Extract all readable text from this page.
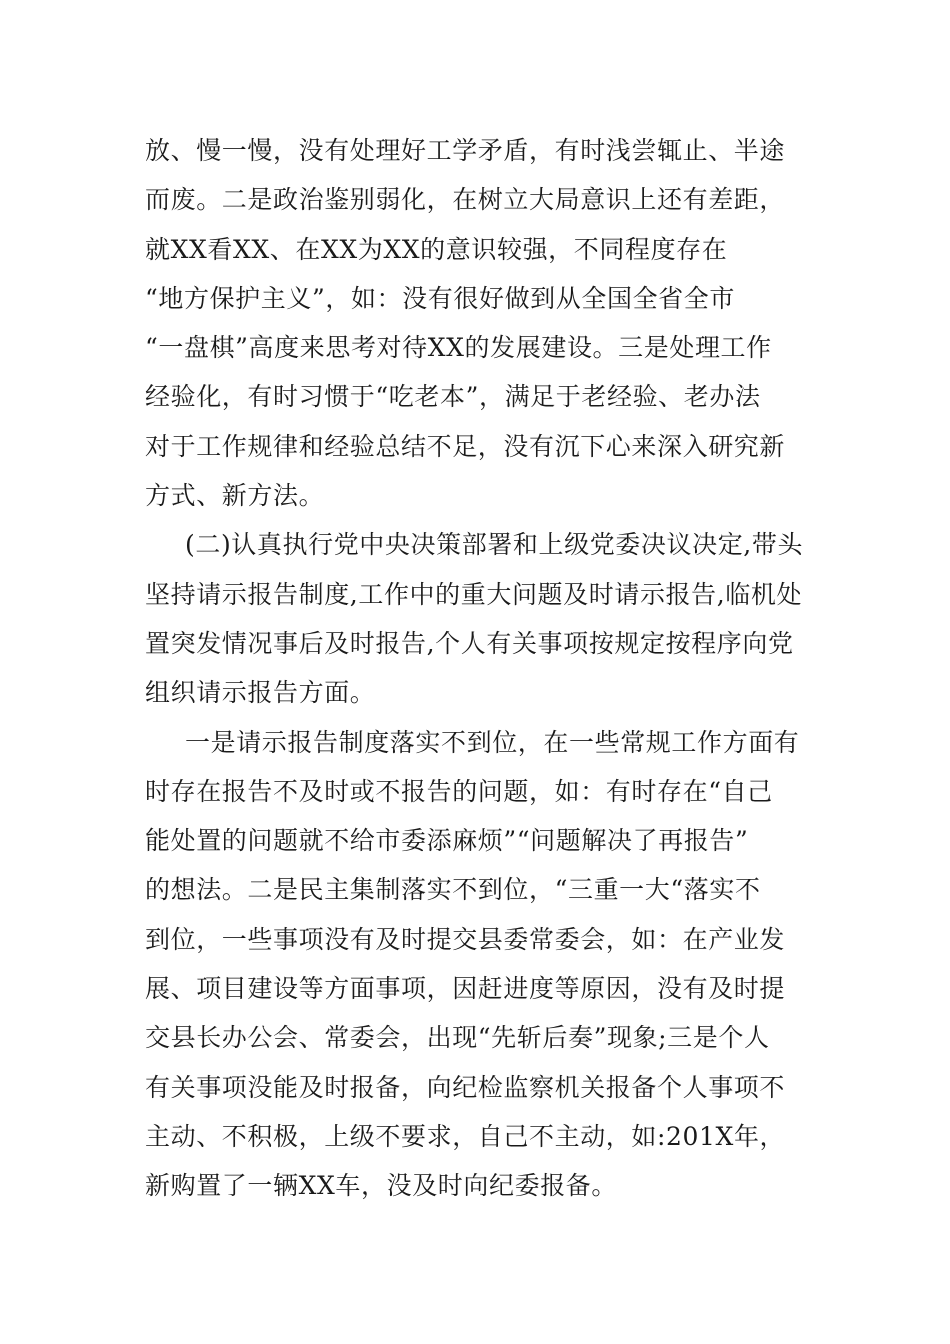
放、慢一慢，没有处理好工学矛盾，有时浅尝辄止、半途
而废。二是政治鉴别弱化，在树立大局意识上还有差距，
就XX看XX、在XX为XX的意识较强，不同程度存在
“地方保护主义”，如：没有很好做到从全国全省全市
“一盘棋”高度来思考对待XX的发展建设。三是处理工作
经验化，有时习惯于“吃老本”，满足于老经验、老办法
对于工作规律和经验总结不足，没有沉下心来深入研究新
方式、新方法。
(二)认真执行党中央决策部署和上级党委决议决定,带头
坚持请示报告制度,工作中的重大问题及时请示报告,临机处
置突发情况事后及时报告,个人有关事项按规定按程序向党
组织请示报告方面。
一是请示报告制度落实不到位，在一些常规工作方面有
时存在报告不及时或不报告的问题，如：有时存在“自己
能处置的问题就不给市委添麻烦”“问题解决了再报告”
的想法。二是民主集制落实不到位，“三重一大“落实不
到位，一些事项没有及时提交县委常委会，如：在产业发
展、项目建设等方面事项，因赶进度等原因，没有及时提
交县长办公会、常委会，出现“先斩后奏”现象;三是个人
有关事项没能及时报备，向纪检监察机关报备个人事项不
主动、不积极，上级不要求，自己不主动，如:201X年，
新购置了一辆XX车，没及时向纪委报备。
